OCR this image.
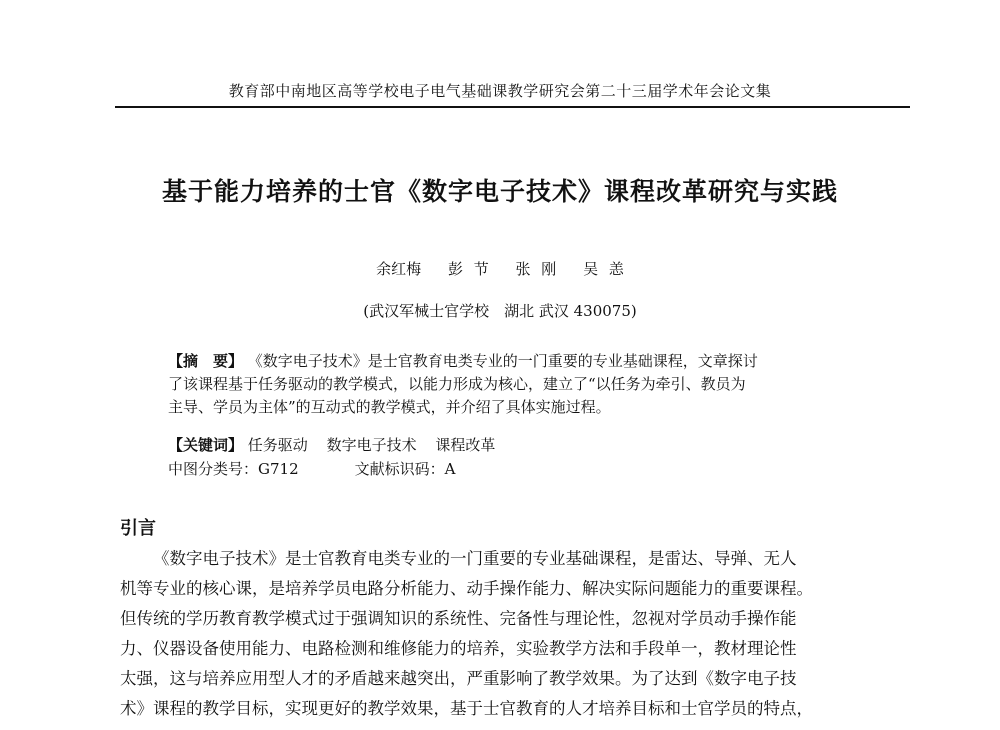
教育部中南地区高等学校电子电气基础课教学研究会第二十三届学术年会论文集
基于能力培养的士官《数字电子技术》课程改革研究与实践
余红梅 彭 节 张 刚 吴 恙
(武汉军械士官学校　湖北 武汉 430075)
【摘　要】 《数字电子技术》是士官教育电类专业的一门重要的专业基础课程，文章探讨
了该课程基于任务驱动的教学模式，以能力形成为核心，建立了“以任务为牵引、教员为
主导、学员为主体”的互动式的教学模式，并介绍了具体实施过程。
【关键词】 任务驱动 数字电子技术 课程改革
中图分类号：G712	文献标识码：A
引言
《数字电子技术》是士官教育电类专业的一门重要的专业基础课程，是雷达、导弹、无人
机等专业的核心课，是培养学员电路分析能力、动手操作能力、解决实际问题能力的重要课程。
但传统的学历教育教学模式过于强调知识的系统性、完备性与理论性，忽视对学员动手操作能
力、仪器设备使用能力、电路检测和维修能力的培养，实验教学方法和手段单一，教材理论性
太强，这与培养应用型人才的矛盾越来越突出，严重影响了教学效果。为了达到《数字电子技
术》课程的教学目标，实现更好的教学效果，基于士官教育的人才培养目标和士官学员的特点，
